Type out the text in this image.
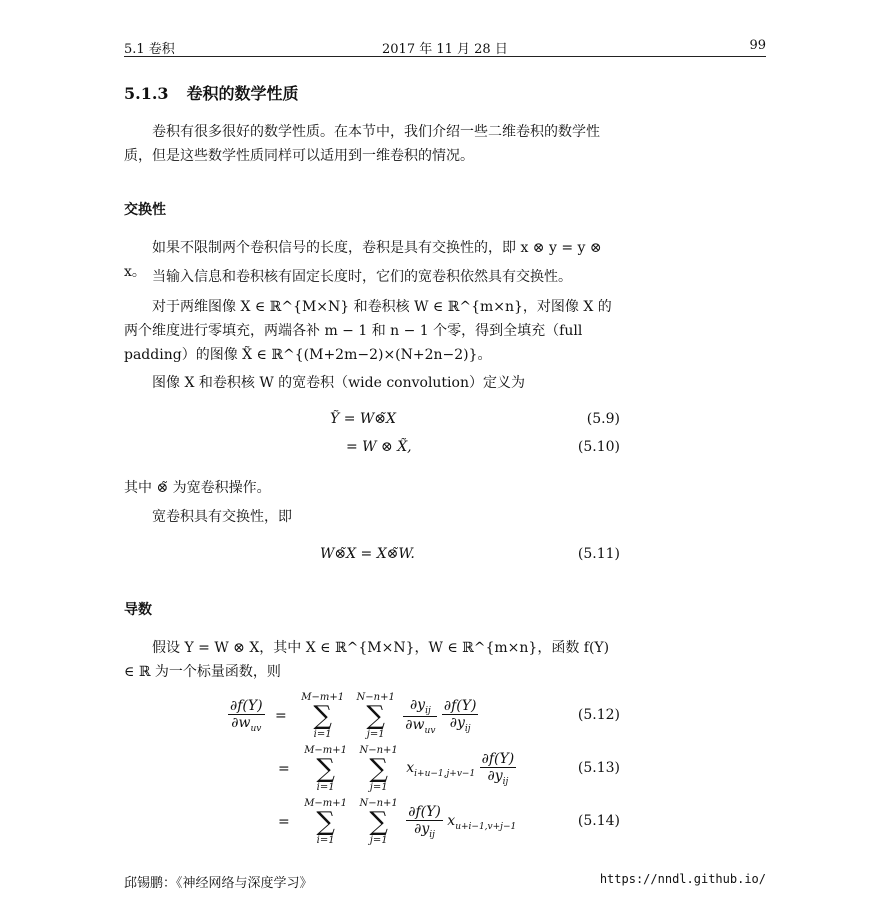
5.1 卷积	2017 年 11 月 28 日	99
5.1.3 卷积的数学性质
卷积有很多很好的数学性质。在本节中，我们介绍一些二维卷积的数学性质，但是这些数学性质同样可以适用到一维卷积的情况。
交换性
如果不限制两个卷积信号的长度，卷积是具有交换性的，即 x ⊗ y = y ⊗ x。 当输入信息和卷积核有固定长度时，它们的宽卷积依然具有交换性。
对于两维图像 X ∈ ℝ^{M×N} 和卷积核 W ∈ ℝ^{m×n}，对图像 X 的两个维度进行零填充，两端各补 m − 1 和 n − 1 个零，得到全填充（full padding）的图像 X̃ ∈ ℝ^{(M+2m−2)×(N+2n−2)}。
图像 X 和卷积核 W 的宽卷积（wide convolution）定义为
Ỹ = W⊗̃X	(5.9)
= W ⊗ X̃,	(5.10)
其中 ⊗̃ 为宽卷积操作。
宽卷积具有交换性，即
W⊗̃X = X⊗̃W.	(5.11)
导数
假设 Y = W ⊗ X，其中 X ∈ ℝ^{M×N}，W ∈ ℝ^{m×n}，函数 f(Y) ∈ ℝ 为一个标量函数，则
$\frac{\partial f(Y)}{\partial w_{uv}} = M-m+1$
∑
i=1 N−n+1
∑
$j=1 \frac{\partial y_{ij}}{\partial w_{uv}}$
$\frac{\partial f(Y)}{\partial y_{ij}}$	(5.12)
= M−m+1
∑
i=1 N−n+1
∑
j=1 $x_{i+u-1,j+v-1} \frac{\partial f(Y)}{\partial y_{ij}}$	(5.13)
= M−m+1
∑
i=1 N−n+1
∑
j=1
$\frac{\partial f(Y)}{\partial y_{ij}} x_{u+i-1,v+j-1}$	(5.14)
邱锡鹏：《神经网络与深度学习》	https://nndl.github.io/
